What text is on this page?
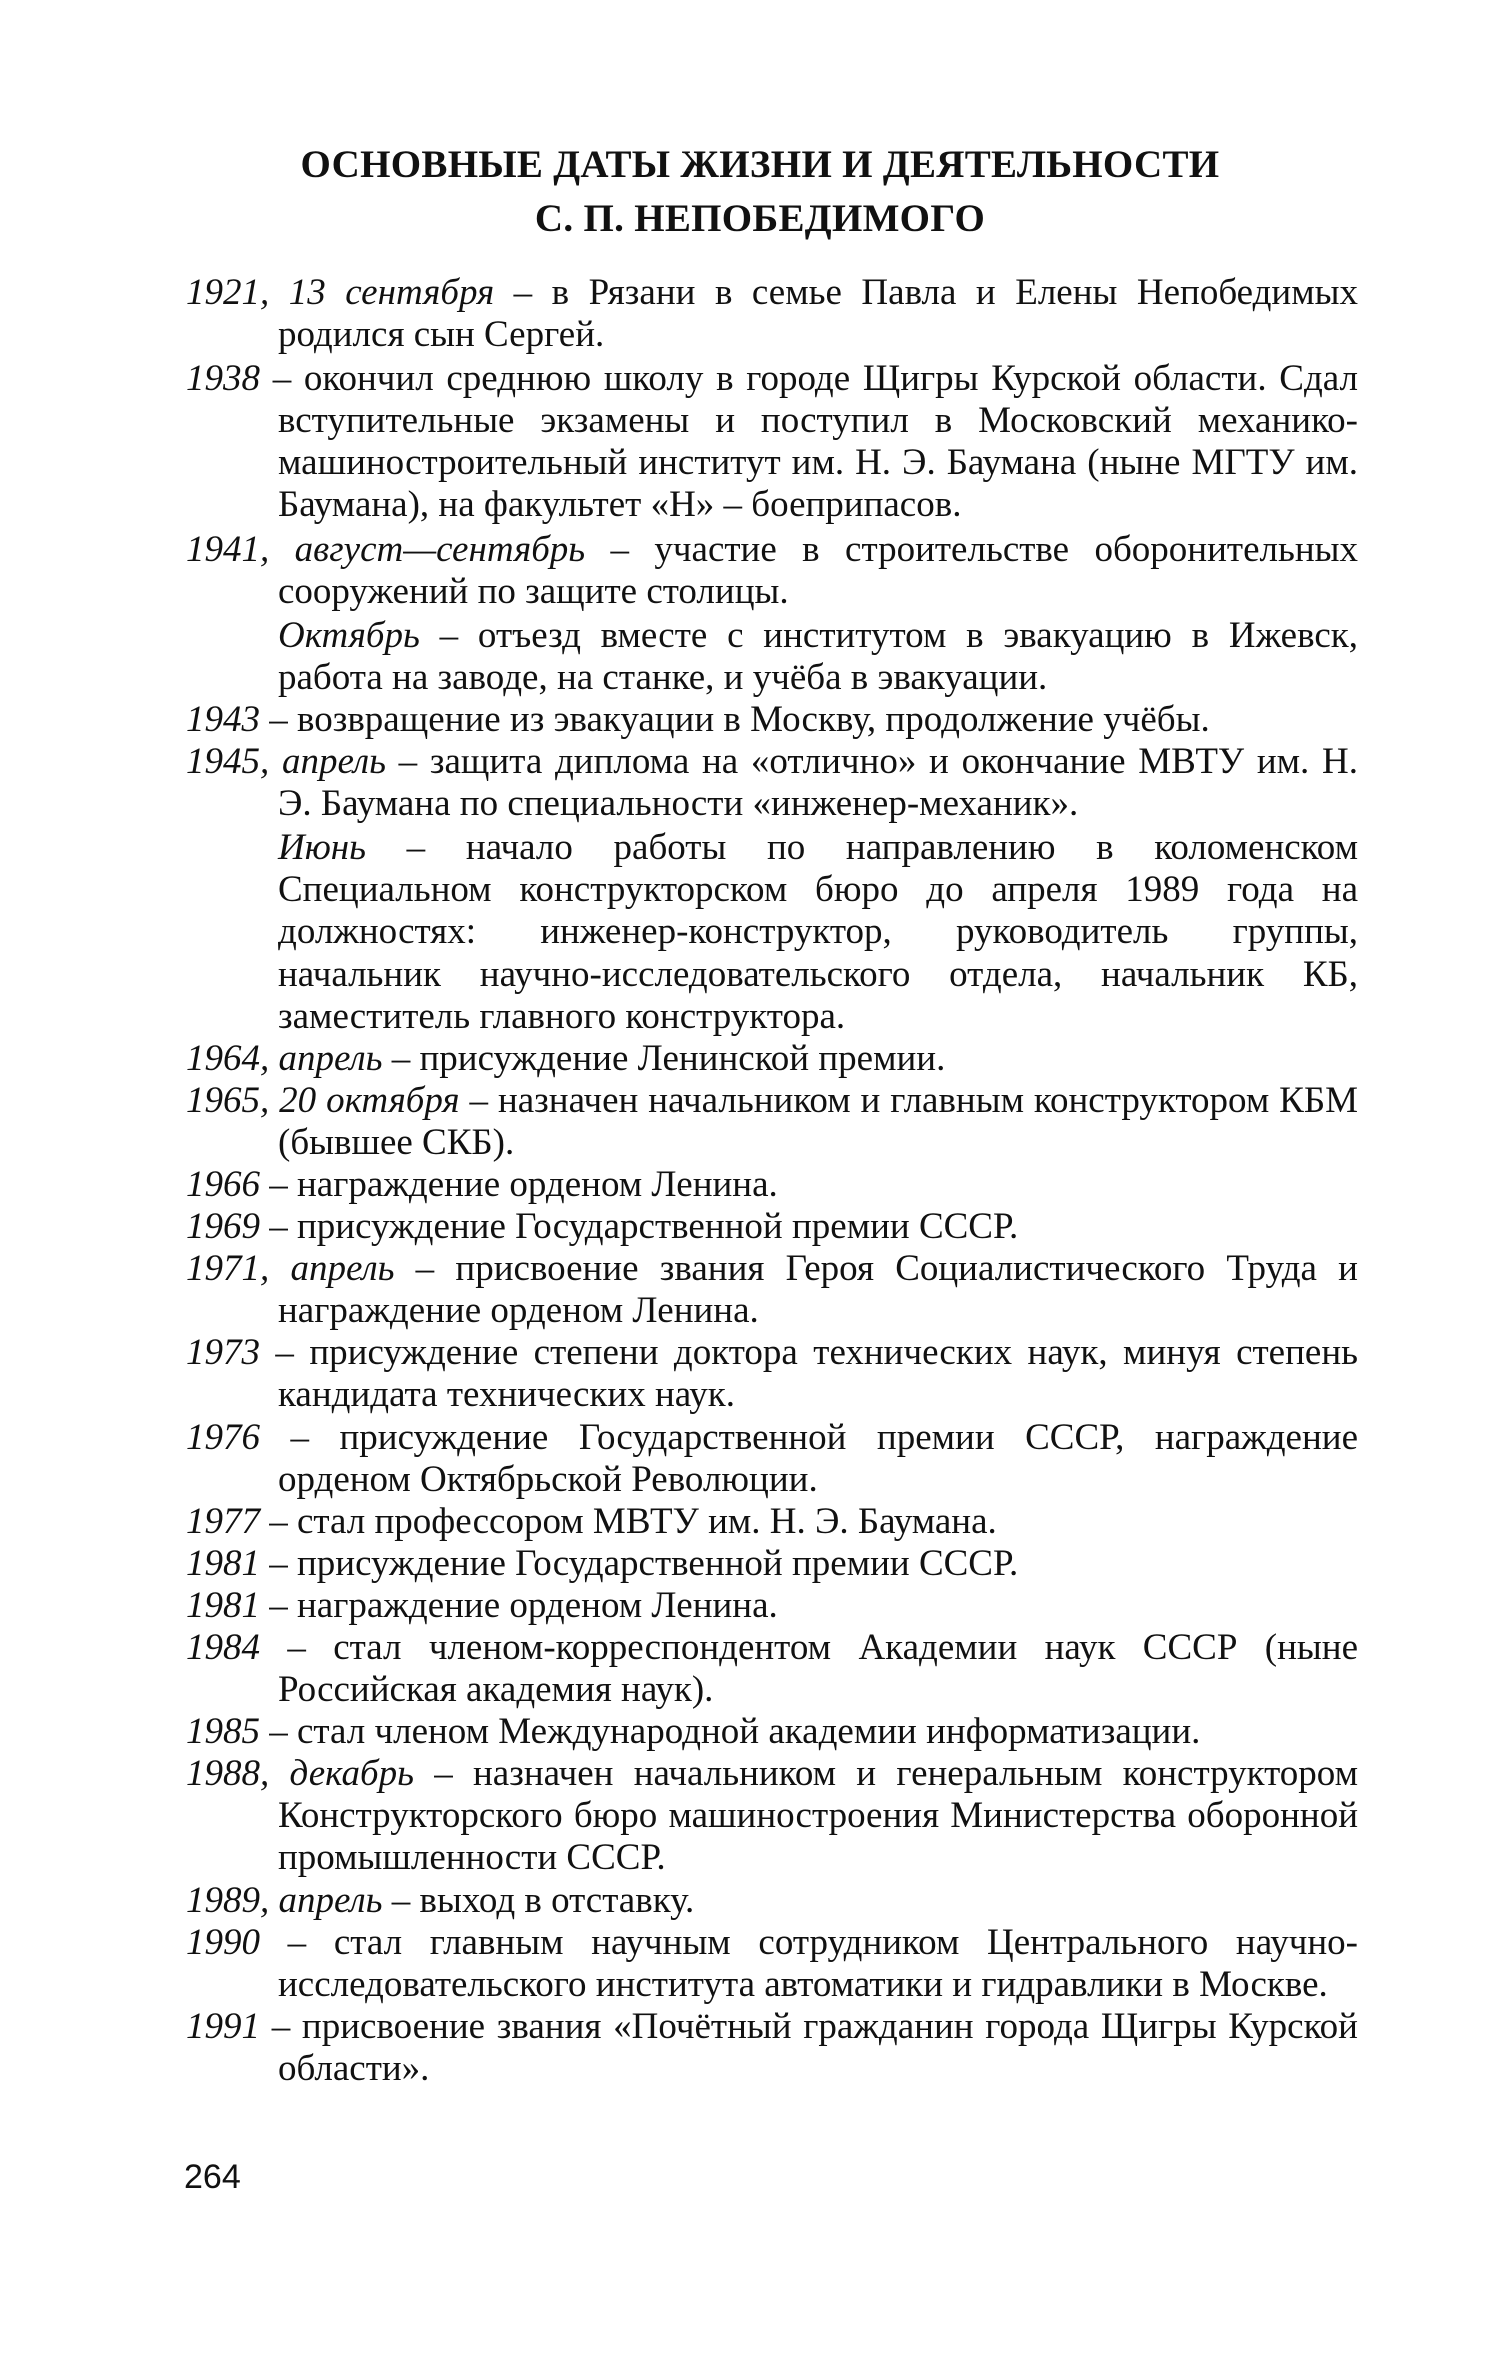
ОСНОВНЫЕ ДАТЫ ЖИЗНИ И ДЕЯТЕЛЬНОСТИ
С. П. НЕПОБЕДИМОГО

1921, 13 сентября – в Рязани в семье Павла и Елены Непобедимых родился сын Сергей.

1938 – окончил среднюю школу в городе Щигры Курской области. Сдал вступительные экзамены и поступил в Московский механико-машиностроительный институт им. Н. Э. Баумана (ныне МГТУ им. Баумана), на факультет «Н» – боеприпасов.

1941, август—сентябрь – участие в строительстве оборонительных сооружений по защите столицы.
Октябрь – отъезд вместе с институтом в эвакуацию в Ижевск, работа на заводе, на станке, и учёба в эвакуации.

1943 – возвращение из эвакуации в Москву, продолжение учёбы.

1945, апрель – защита диплома на «отлично» и окончание МВТУ им. Н. Э. Баумана по специальности «инженер-механик».
Июнь – начало работы по направлению в коломенском Специальном конструкторском бюро до апреля 1989 года на должностях: инженер-конструктор, руководитель группы, начальник научно-исследовательского отдела, начальник КБ, заместитель главного конструктора.

1964, апрель – присуждение Ленинской премии.

1965, 20 октября – назначен начальником и главным конструктором КБМ (бывшее СКБ).

1966 – награждение орденом Ленина.

1969 – присуждение Государственной премии СССР.

1971, апрель – присвоение звания Героя Социалистического Труда и награждение орденом Ленина.

1973 – присуждение степени доктора технических наук, минуя степень кандидата технических наук.

1976 – присуждение Государственной премии СССР, награждение орденом Октябрьской Революции.

1977 – стал профессором МВТУ им. Н. Э. Баумана.

1981 – присуждение Государственной премии СССР.

1981 – награждение орденом Ленина.

1984 – стал членом-корреспондентом Академии наук СССР (ныне Российская академия наук).

1985 – стал членом Международной академии информатизации.

1988, декабрь – назначен начальником и генеральным конструктором Конструкторского бюро машиностроения Министерства оборонной промышленности СССР.

1989, апрель – выход в отставку.

1990 – стал главным научным сотрудником Центрального научно-исследовательского института автоматики и гидравлики в Москве.

1991 – присвоение звания «Почётный гражданин города Щигры Курской области».

264
